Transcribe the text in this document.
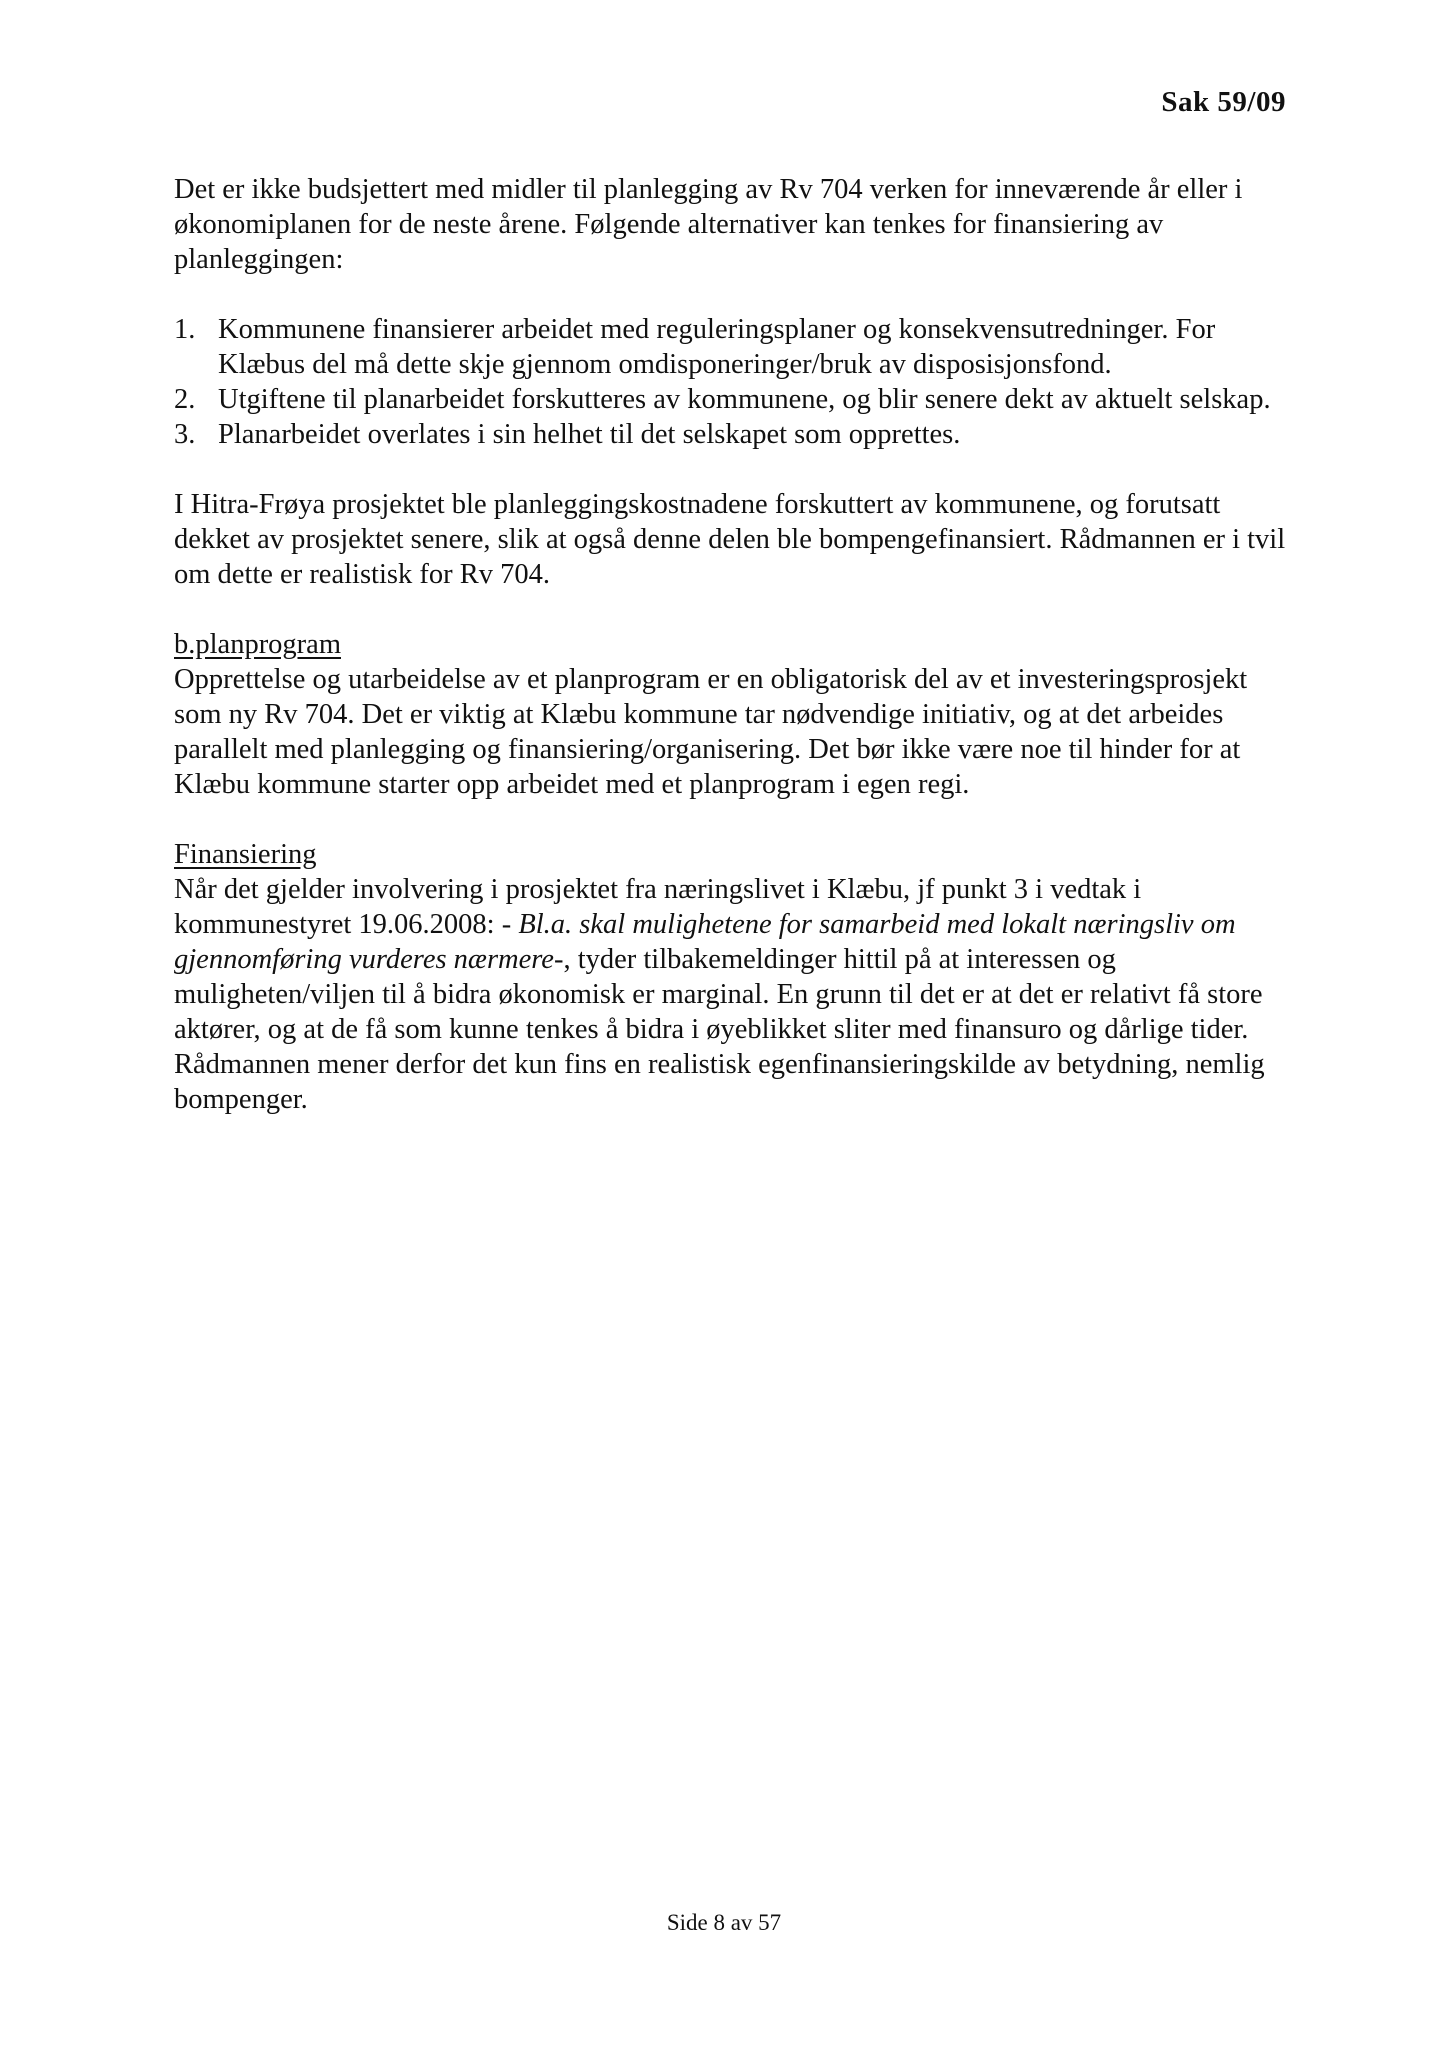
Sak 59/09

Det er ikke budsjettert med midler til planlegging av Rv 704 verken for inneværende år eller i økonomiplanen for de neste årene. Følgende alternativer kan tenkes for finansiering av planleggingen:

1. Kommunene finansierer arbeidet med reguleringsplaner og konsekvensutredninger. For Klæbus del må dette skje gjennom omdisponeringer/bruk av disposisjonsfond.
2. Utgiftene til planarbeidet forskutteres av kommunene, og blir senere dekt av aktuelt selskap.
3. Planarbeidet overlates i sin helhet til det selskapet som opprettes.

I Hitra-Frøya prosjektet ble planleggingskostnadene forskuttert av kommunene, og forutsatt dekket av prosjektet senere, slik at også denne delen ble bompengefinansiert. Rådmannen er i tvil om dette er realistisk for Rv 704.

b.planprogram
Opprettelse og utarbeidelse av et planprogram er en obligatorisk del av et investeringsprosjekt som ny Rv 704. Det er viktig at Klæbu kommune tar nødvendige initiativ, og at det arbeides parallelt med planlegging og finansiering/organisering. Det bør ikke være noe til hinder for at Klæbu kommune starter opp arbeidet med et planprogram i egen regi.
Finansiering
Når det gjelder involvering i prosjektet fra næringslivet i Klæbu, jf punkt 3 i vedtak i kommunestyret 19.06.2008: - Bl.a. skal mulighetene for samarbeid med lokalt næringsliv om gjennomføring vurderes nærmere-, tyder tilbakemeldinger hittil på at interessen og muligheten/viljen til å bidra økonomisk er marginal. En grunn til det er at det er relativt få store aktører, og at de få som kunne tenkes å bidra i øyeblikket sliter med finansuro og dårlige tider. Rådmannen mener derfor det kun fins en realistisk egenfinansieringskilde av betydning, nemlig bompenger.
Side 8 av 57
